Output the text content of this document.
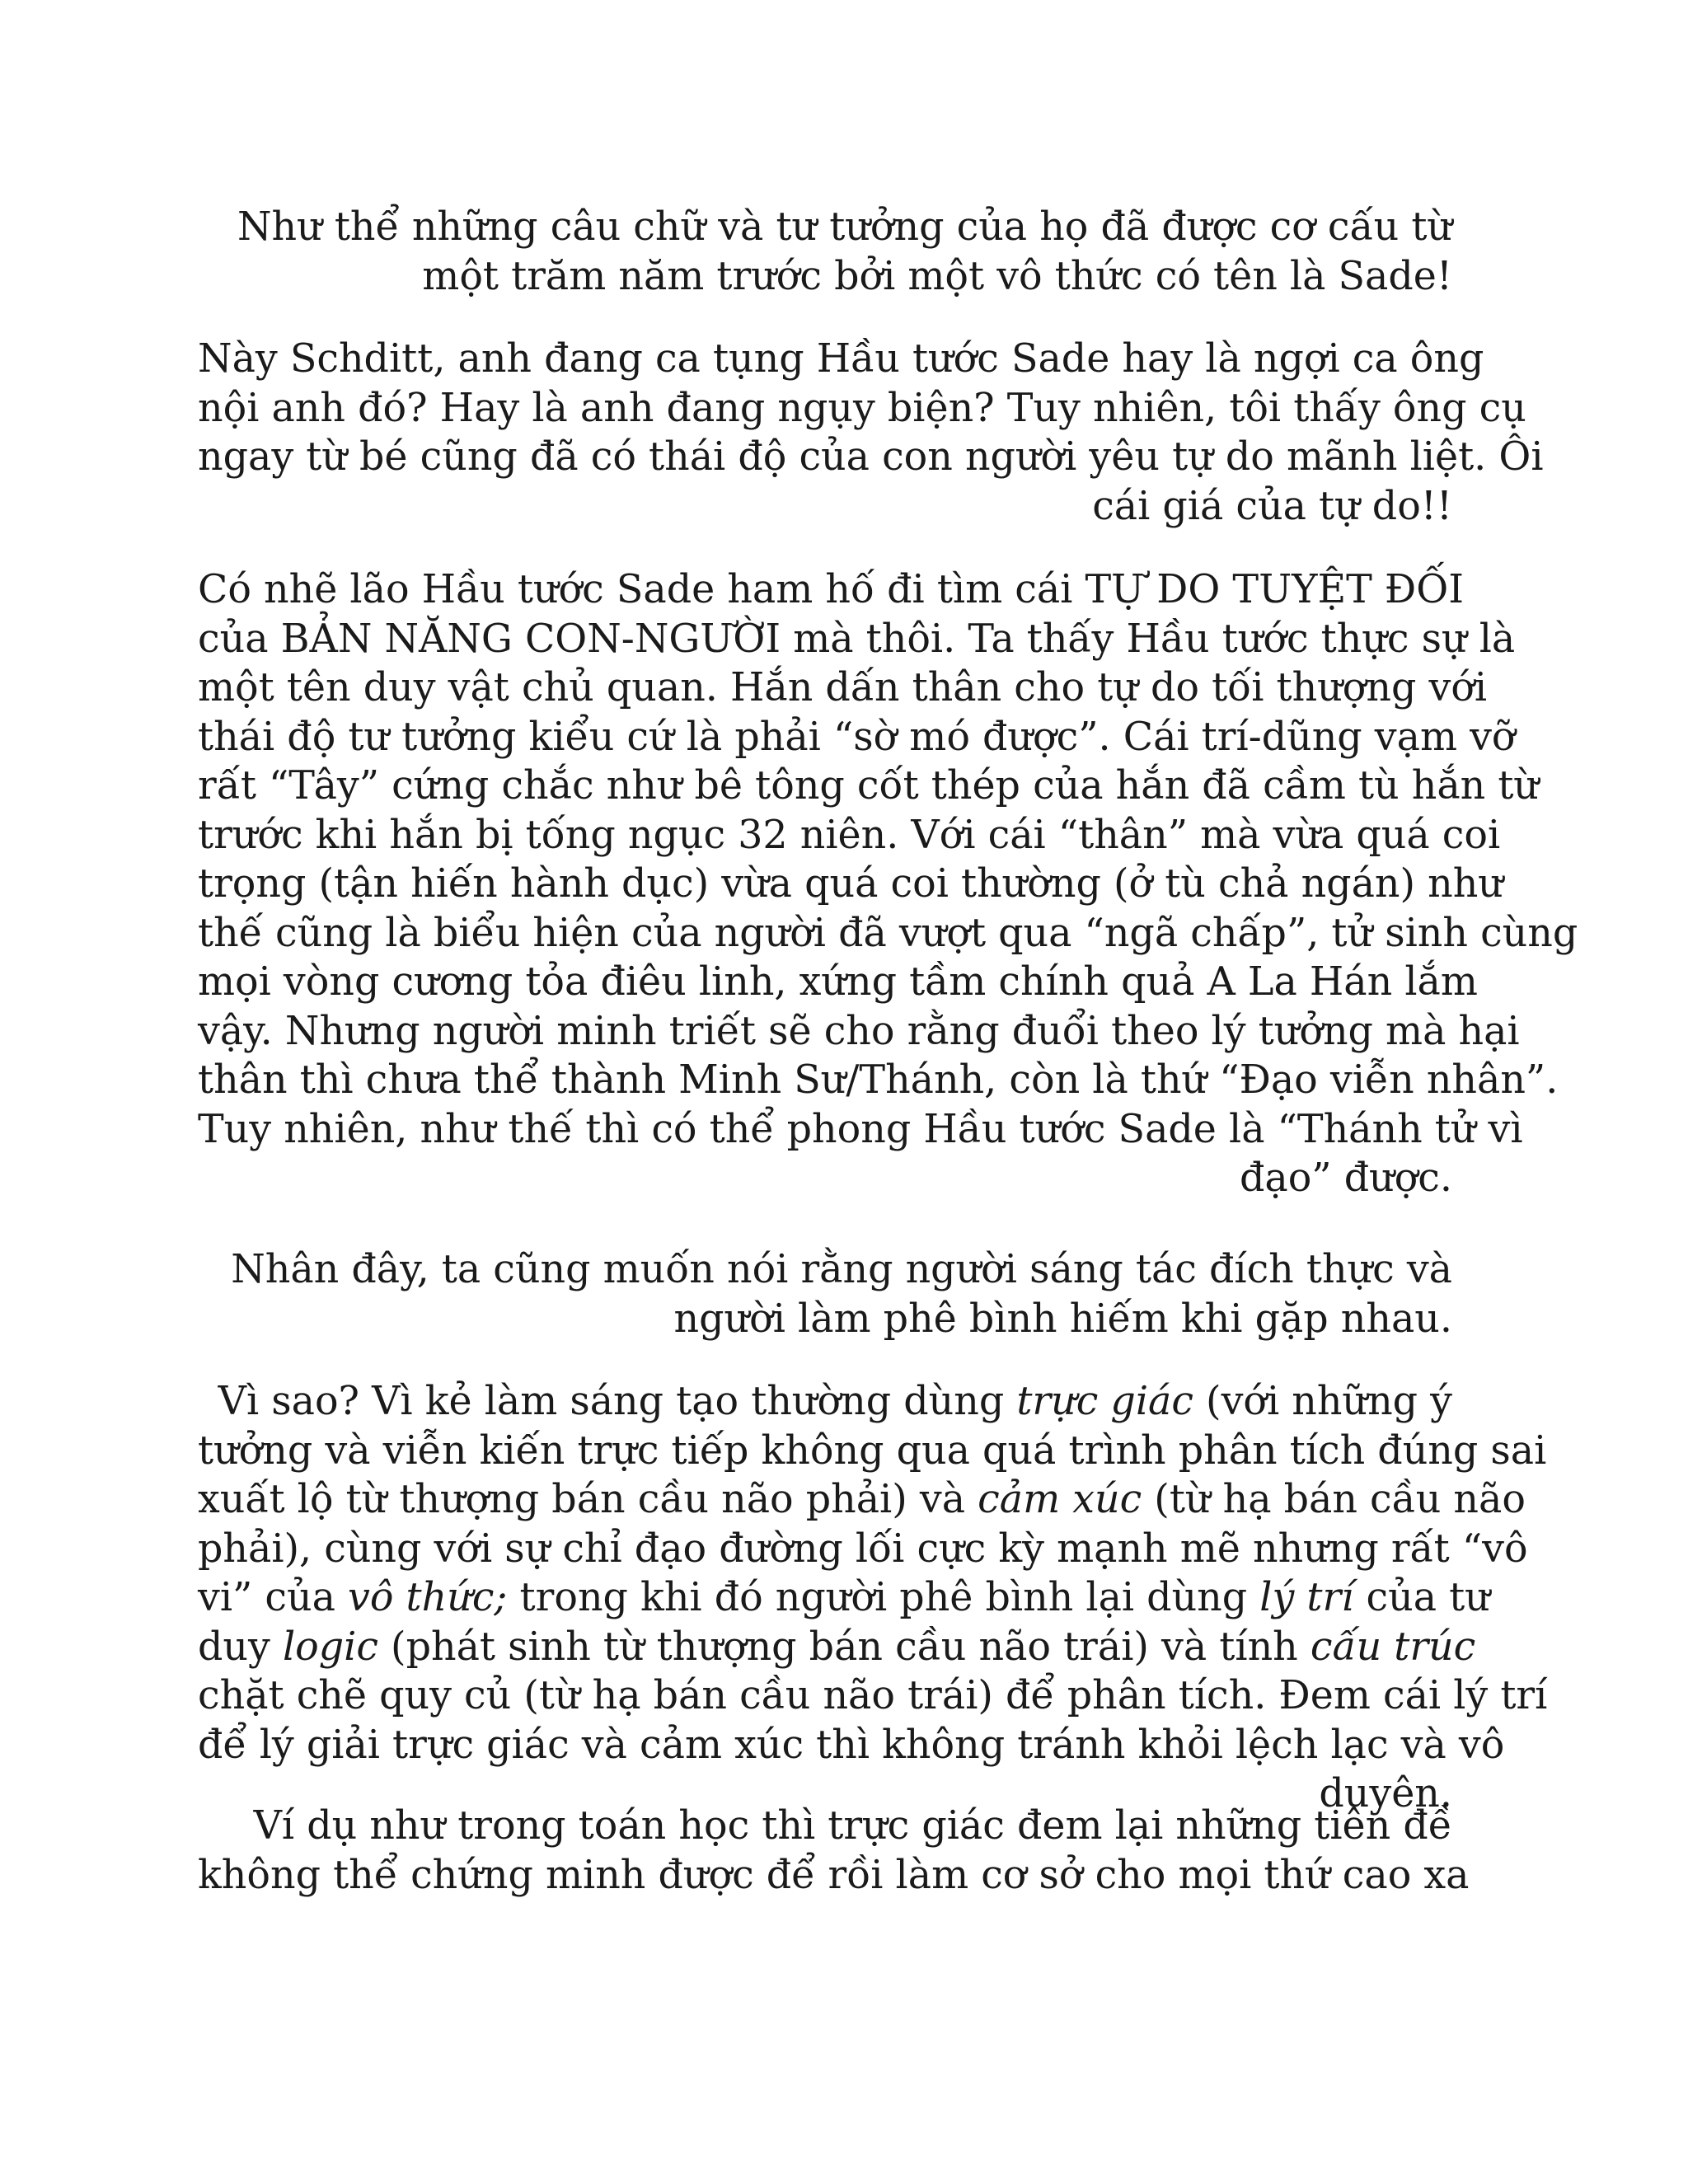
Như thể những câu chữ và tư tưởng của họ đã được cơ cấu từ
một trăm năm trước bởi một vô thức có tên là Sade!
Này Schditt, anh đang ca tụng Hầu tước Sade hay là ngợi ca ông
nội anh đó? Hay là anh đang ngụy biện? Tuy nhiên, tôi thấy ông cụ
ngay từ bé cũng đã có thái độ của con người yêu tự do mãnh liệt. Ôi
cái giá của tự do!!
Có nhẽ lão Hầu tước Sade ham hố đi tìm cái TỰ DO TUYỆT ĐỐI
của BẢN NĂNG CON-NGƯỜI mà thôi. Ta thấy Hầu tước thực sự là
một tên duy vật chủ quan. Hắn dấn thân cho tự do tối thượng với
thái độ tư tưởng kiểu cứ là phải “sờ mó được”. Cái trí-dũng vạm vỡ
rất “Tây” cứng chắc như bê tông cốt thép của hắn đã cầm tù hắn từ
trước khi hắn bị tống ngục 32 niên. Với cái “thân” mà vừa quá coi
trọng (tận hiến hành dục) vừa quá coi thường (ở tù chả ngán) như
thế cũng là biểu hiện của người đã vượt qua “ngã chấp”, tử sinh cùng
mọi vòng cương tỏa điêu linh, xứng tầm chính quả A La Hán lắm
vậy. Nhưng người minh triết sẽ cho rằng đuổi theo lý tưởng mà hại
thân thì chưa thể thành Minh Sư/Thánh, còn là thứ “Đạo viễn nhân”.
Tuy nhiên, như thế thì có thể phong Hầu tước Sade là “Thánh tử vì
đạo” được.
Nhân đây, ta cũng muốn nói rằng người sáng tác đích thực và
người làm phê bình hiếm khi gặp nhau.
Vì sao? Vì kẻ làm sáng tạo thường dùng trực giác (với những ý
tưởng và viễn kiến trực tiếp không qua quá trình phân tích đúng sai
xuất lộ từ thượng bán cầu não phải) và cảm xúc (từ hạ bán cầu não
phải), cùng với sự chỉ đạo đường lối cực kỳ mạnh mẽ nhưng rất “vô
vi” của vô thức; trong khi đó người phê bình lại dùng lý trí của tư
duy logic (phát sinh từ thượng bán cầu não trái) và tính cấu trúc
chặt chẽ quy củ (từ hạ bán cầu não trái) để phân tích. Đem cái lý trí
để lý giải trực giác và cảm xúc thì không tránh khỏi lệch lạc và vô
duyên.
Ví dụ như trong toán học thì trực giác đem lại những tiên đề
không thể chứng minh được để rồi làm cơ sở cho mọi thứ cao xa
